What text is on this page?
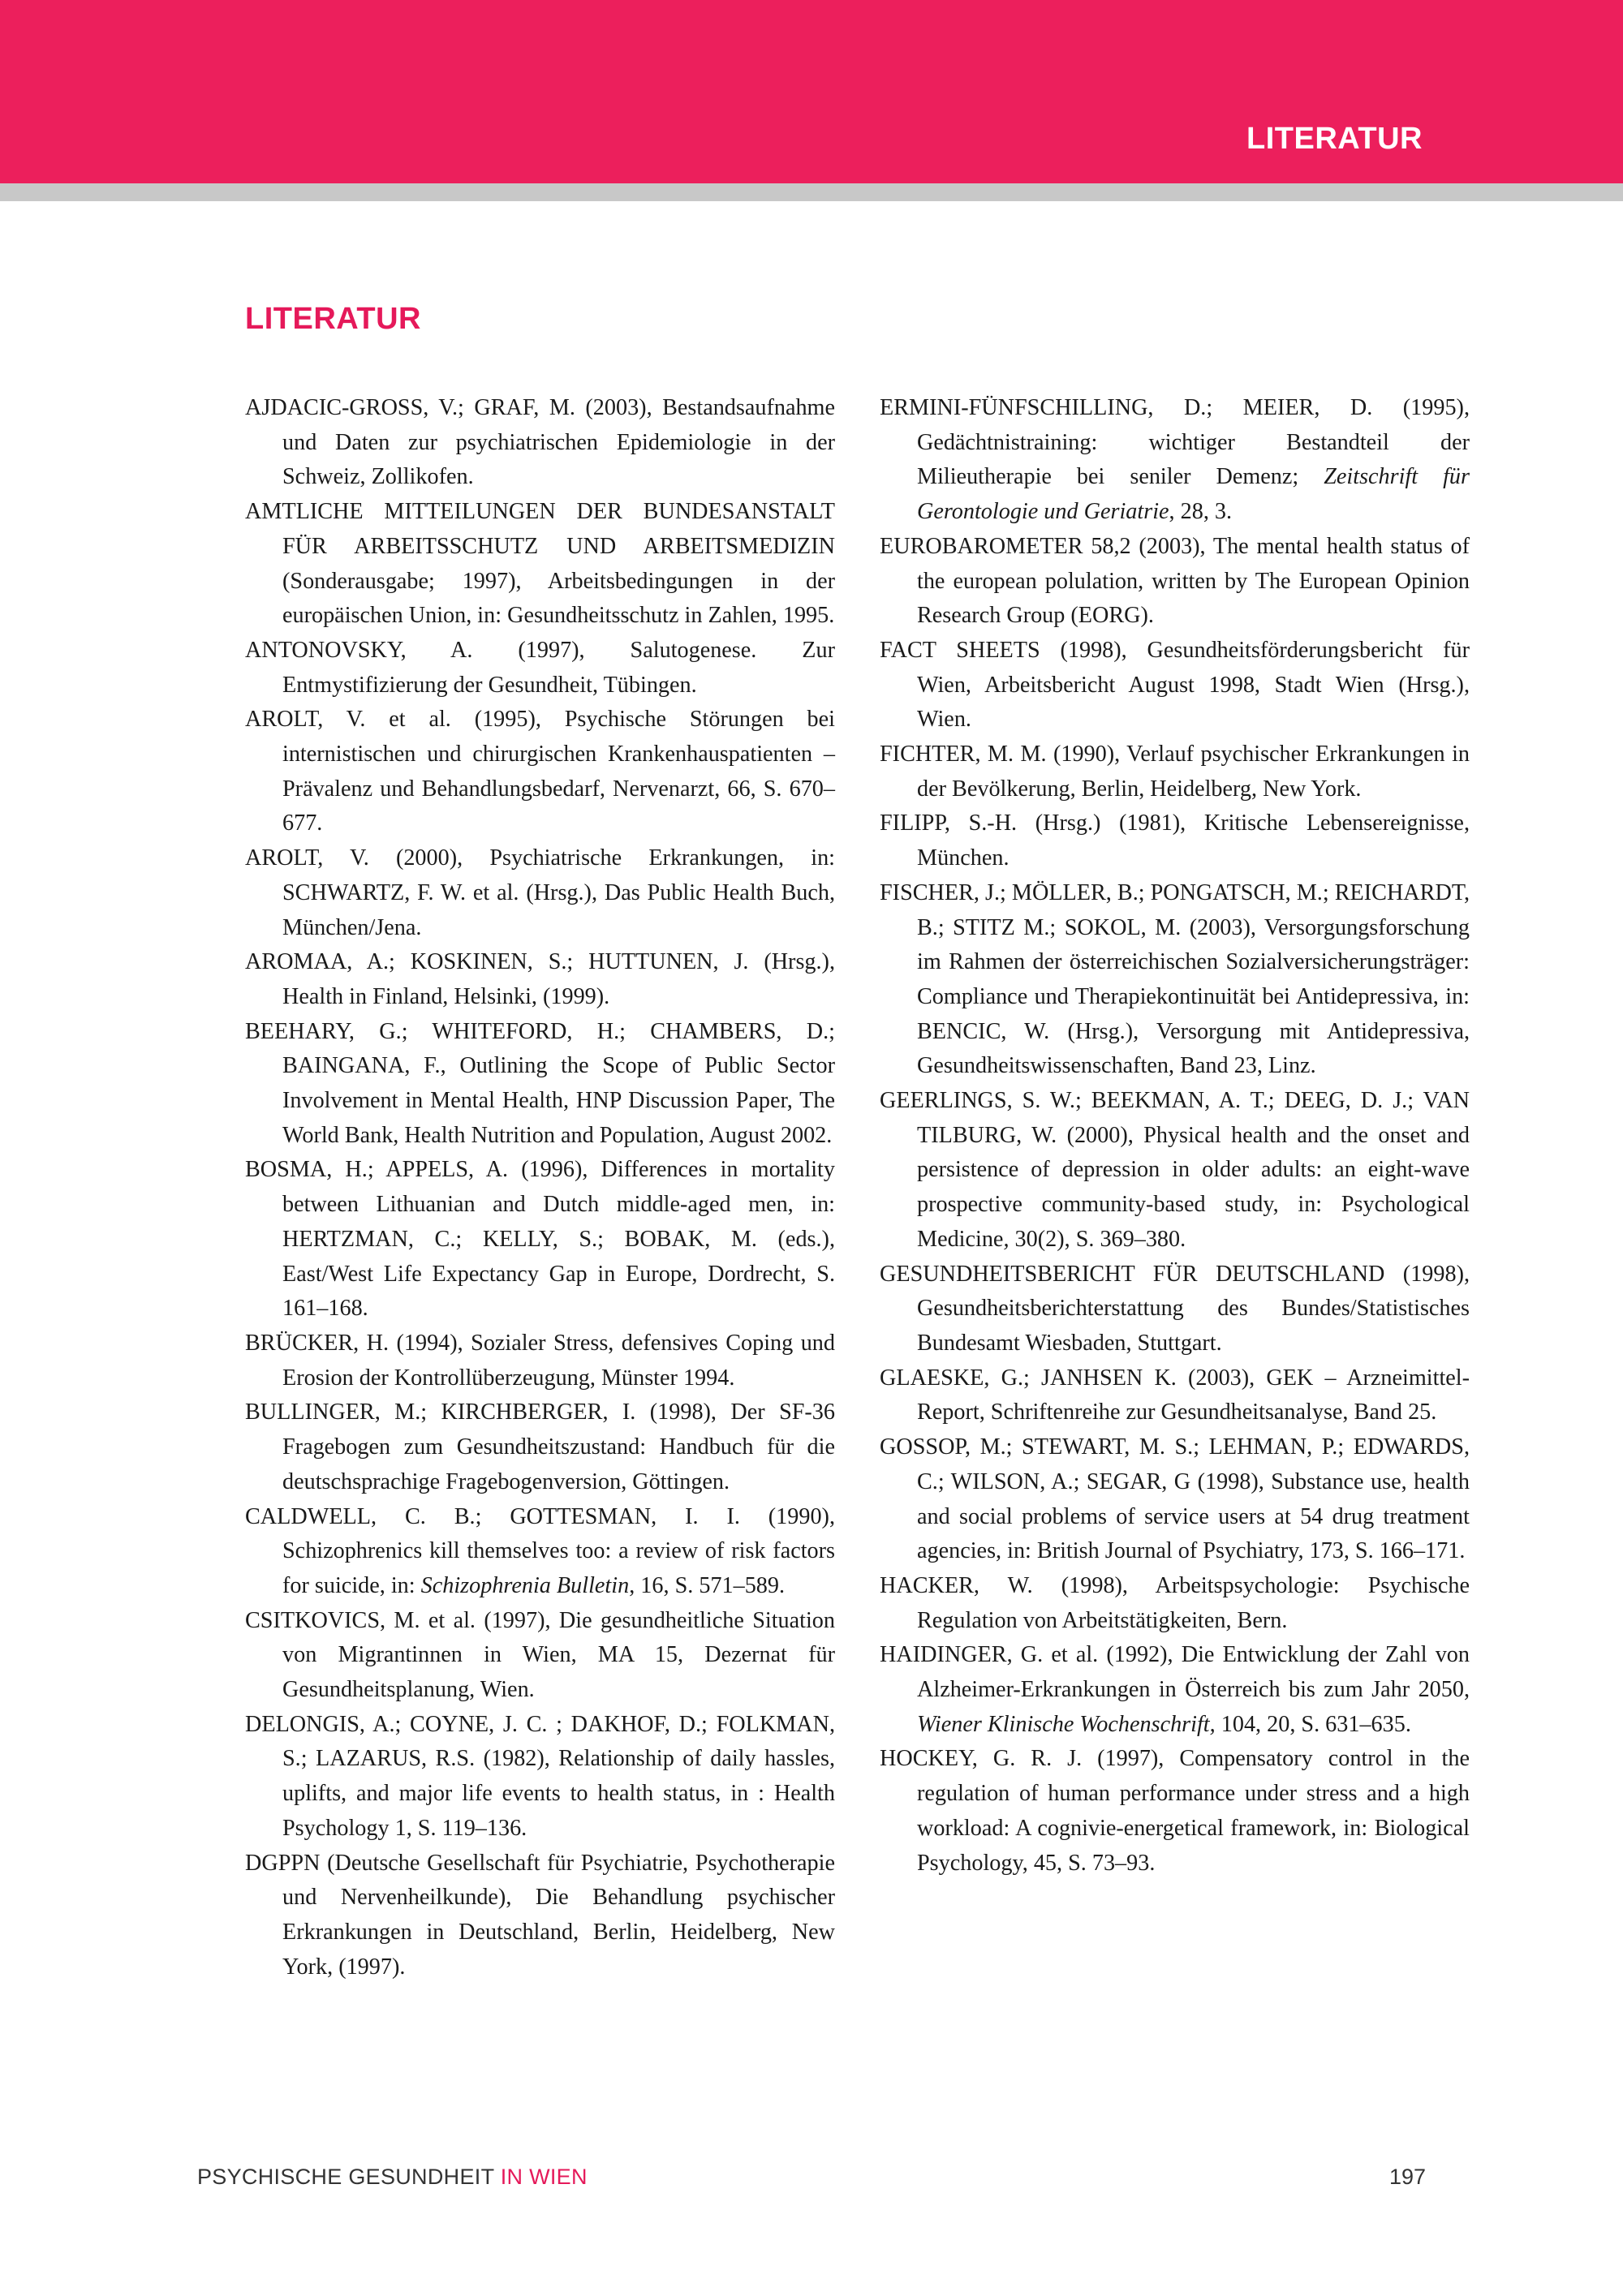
LITERATUR
LITERATUR

AJDACIC-GROSS, V.; GRAF, M. (2003), Bestandsaufnahme und Daten zur psychiatrischen Epidemiologie in der Schweiz, Zollikofen.

AMTLICHE MITTEILUNGEN DER BUNDESANSTALT FÜR ARBEITSSCHUTZ UND ARBEITSMEDIZIN (Sonderausgabe; 1997), Arbeitsbedingungen in der europäischen Union, in: Gesundheitsschutz in Zahlen, 1995.

ANTONOVSKY, A. (1997), Salutogenese. Zur Entmystifizierung der Gesundheit, Tübingen.

AROLT, V. et al. (1995), Psychische Störungen bei internistischen und chirurgischen Krankenhauspatienten – Prävalenz und Behandlungsbedarf, Nervenarzt, 66, S. 670–677.

AROLT, V. (2000), Psychiatrische Erkrankungen, in: SCHWARTZ, F. W. et al. (Hrsg.), Das Public Health Buch, München/Jena.

AROMAA, A.; KOSKINEN, S.; HUTTUNEN, J. (Hrsg.), Health in Finland, Helsinki, (1999).

BEEHARY, G.; WHITEFORD, H.; CHAMBERS, D.; BAINGANA, F., Outlining the Scope of Public Sector Involvement in Mental Health, HNP Discussion Paper, The World Bank, Health Nutrition and Population, August 2002.

BOSMA, H.; APPELS, A. (1996), Differences in mortality between Lithuanian and Dutch middle-aged men, in: HERTZMAN, C.; KELLY, S.; BOBAK, M. (eds.), East/West Life Expectancy Gap in Europe, Dordrecht, S. 161–168.

BRÜCKER, H. (1994), Sozialer Stress, defensives Coping und Erosion der Kontrollüberzeugung, Münster 1994.

BULLINGER, M.; KIRCHBERGER, I. (1998), Der SF-36 Fragebogen zum Gesundheitszustand: Handbuch für die deutschsprachige Fragebogenversion, Göttingen.

CALDWELL, C. B.; GOTTESMAN, I. I. (1990), Schizophrenics kill themselves too: a review of risk factors for suicide, in: Schizophrenia Bulletin, 16, S. 571–589.

CSITKOVICS, M. et al. (1997), Die gesundheitliche Situation von Migrantinnen in Wien, MA 15, Dezernat für Gesundheitsplanung, Wien.

DELONGIS, A.; COYNE, J. C. ; DAKHOF, D.; FOLKMAN, S.; LAZARUS, R.S. (1982), Relationship of daily hassles, uplifts, and major life events to health status, in : Health Psychology 1, S. 119–136.

DGPPN (Deutsche Gesellschaft für Psychiatrie, Psychotherapie und Nervenheilkunde), Die Behandlung psychischer Erkrankungen in Deutschland, Berlin, Heidelberg, New York, (1997).

ERMINI-FÜNFSCHILLING, D.; MEIER, D. (1995), Gedächtnistraining: wichtiger Bestandteil der Milieutherapie bei seniler Demenz; Zeitschrift für Gerontologie und Geriatrie, 28, 3.

EUROBAROMETER 58,2 (2003), The mental health status of the european polulation, written by The European Opinion Research Group (EORG).

FACT SHEETS (1998), Gesundheitsförderungsbericht für Wien, Arbeitsbericht August 1998, Stadt Wien (Hrsg.), Wien.

FICHTER, M. M. (1990), Verlauf psychischer Erkrankungen in der Bevölkerung, Berlin, Heidelberg, New York.

FILIPP, S.-H. (Hrsg.) (1981), Kritische Lebensereignisse, München.

FISCHER, J.; MÖLLER, B.; PONGATSCH, M.; REICHARDT, B.; STITZ M.; SOKOL, M. (2003), Versorgungsforschung im Rahmen der österreichischen Sozialversicherungsträger: Compliance und Therapiekontinuität bei Antidepressiva, in: BENCIC, W. (Hrsg.), Versorgung mit Antidepressiva, Gesundheitswissenschaften, Band 23, Linz.

GEERLINGS, S. W.; BEEKMAN, A. T.; DEEG, D. J.; VAN TILBURG, W. (2000), Physical health and the onset and persistence of depression in older adults: an eight-wave prospective community-based study, in: Psychological Medicine, 30(2), S. 369–380.

GESUNDHEITSBERICHT FÜR DEUTSCHLAND (1998), Gesundheitsberichterstattung des Bundes/Statistisches Bundesamt Wiesbaden, Stuttgart.

GLAESKE, G.; JANHSEN K. (2003), GEK – Arzneimittel-Report, Schriftenreihe zur Gesundheitsanalyse, Band 25.

GOSSOP, M.; STEWART, M. S.; LEHMAN, P.; EDWARDS, C.; WILSON, A.; SEGAR, G (1998), Substance use, health and social problems of service users at 54 drug treatment agencies, in: British Journal of Psychiatry, 173, S. 166–171.

HACKER, W. (1998), Arbeitspsychologie: Psychische Regulation von Arbeitstätigkeiten, Bern.

HAIDINGER, G. et al. (1992), Die Entwicklung der Zahl von Alzheimer-Erkrankungen in Österreich bis zum Jahr 2050, Wiener Klinische Wochenschrift, 104, 20, S. 631–635.

HOCKEY, G. R. J. (1997), Compensatory control in the regulation of human performance under stress and a high workload: A cognivie-energetical framework, in: Biological Psychology, 45, S. 73–93.

PSYCHISCHE GESUNDHEIT IN WIEN	197
